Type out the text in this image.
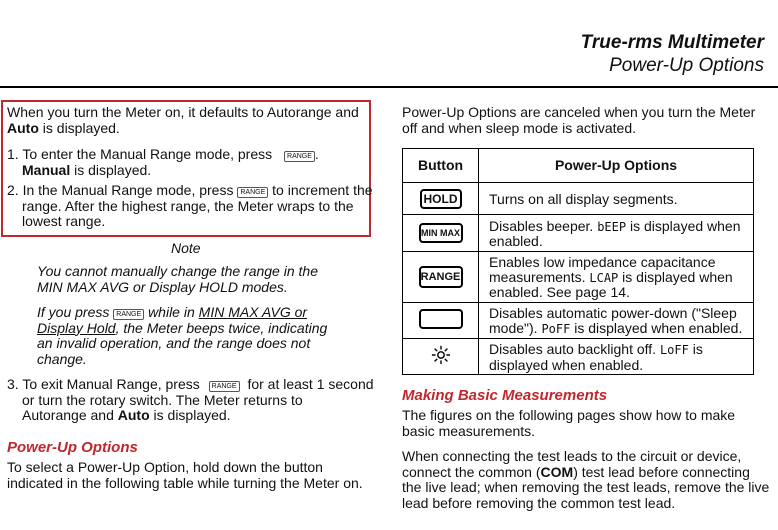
True-rms Multimeter
Power-Up Options
When you turn the Meter on, it defaults to Autorange and
Auto is displayed.
1. To enter the Manual Range mode, press RANGE .
Manual is displayed.
2. In the Manual Range mode, press RANGE to increment the
range. After the highest range, the Meter wraps to the
lowest range.
Note
You cannot manually change the range in the
MIN MAX AVG or Display HOLD modes.
If you press RANGE while in MIN MAX AVG or
Display Hold, the Meter beeps twice, indicating
an invalid operation, and the range does not
change.
3. To exit Manual Range, press RANGE for at least 1 second
or turn the rotary switch. The Meter returns to
Autorange and Auto is displayed.
Power-Up Options
To select a Power-Up Option, hold down the button
indicated in the following table while turning the Meter on.
Power-Up Options are canceled when you turn the Meter
off and when sleep mode is activated.
Button	Power-Up Options
HOLD	Turns on all display segments.
MIN MAX	Disables beeper. bEEP is displayed when
enabled.
RANGE	Enables low impedance capacitance
measurements. LCAP is displayed when
enabled. See page 14.
	Disables automatic power-down ("Sleep
mode"). PoFF is displayed when enabled.
	Disables auto backlight off. LoFF is
displayed when enabled.
Making Basic Measurements
The figures on the following pages show how to make
basic measurements.
When connecting the test leads to the circuit or device,
connect the common (COM) test lead before connecting
the live lead; when removing the test leads, remove the live
lead before removing the common test lead.
